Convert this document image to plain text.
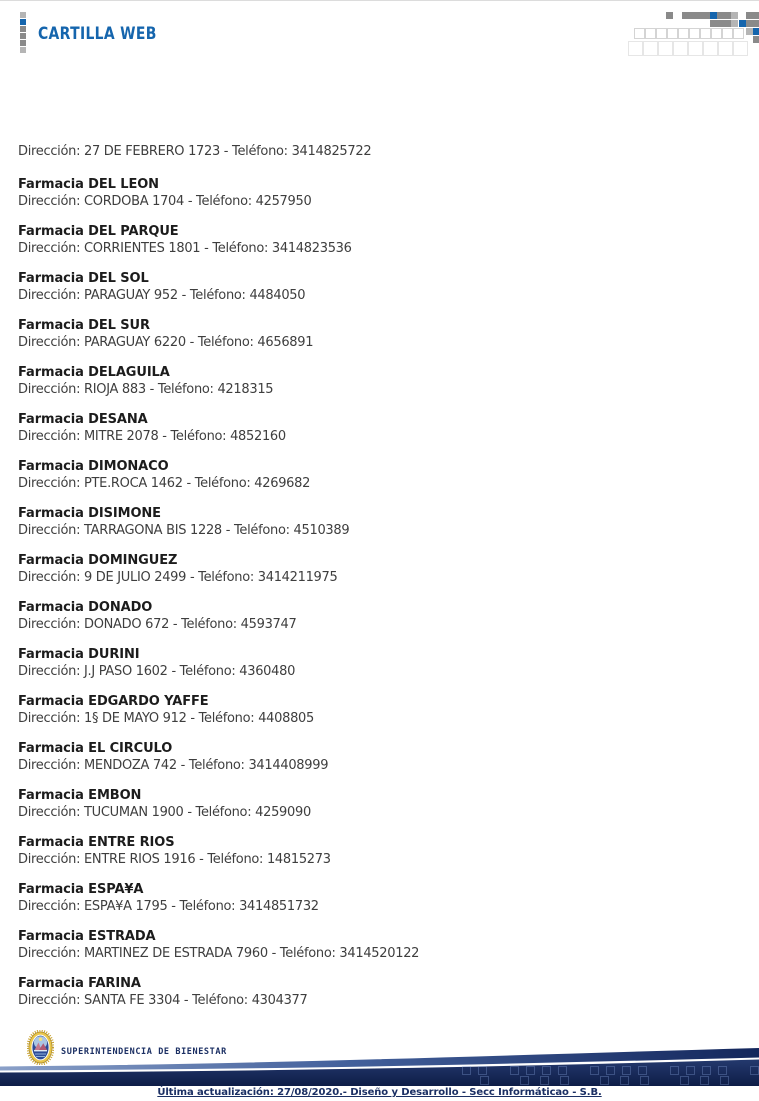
CARTILLA WEB
Dirección: 27 DE FEBRERO 1723 - Teléfono: 3414825722
Farmacia DEL LEON
Dirección: CORDOBA 1704 - Teléfono: 4257950
Farmacia DEL PARQUE
Dirección: CORRIENTES 1801 - Teléfono: 3414823536
Farmacia DEL SOL
Dirección: PARAGUAY 952 - Teléfono: 4484050
Farmacia DEL SUR
Dirección: PARAGUAY 6220 - Teléfono: 4656891
Farmacia DELAGUILA
Dirección: RIOJA 883 - Teléfono: 4218315
Farmacia DESANA
Dirección: MITRE 2078 - Teléfono: 4852160
Farmacia DIMONACO
Dirección: PTE.ROCA 1462 - Teléfono: 4269682
Farmacia DISIMONE
Dirección: TARRAGONA BIS 1228 - Teléfono: 4510389
Farmacia DOMINGUEZ
Dirección: 9 DE JULIO 2499 - Teléfono: 3414211975
Farmacia DONADO
Dirección: DONADO 672 - Teléfono: 4593747
Farmacia DURINI
Dirección: J.J PASO 1602 - Teléfono: 4360480
Farmacia EDGARDO YAFFE
Dirección: 1§ DE MAYO 912 - Teléfono: 4408805
Farmacia EL CIRCULO
Dirección: MENDOZA 742 - Teléfono: 3414408999
Farmacia EMBON
Dirección: TUCUMAN 1900 - Teléfono: 4259090
Farmacia ENTRE RIOS
Dirección: ENTRE RIOS 1916 - Teléfono: 14815273
Farmacia ESPA¥A
Dirección: ESPA¥A 1795 - Teléfono: 3414851732
Farmacia ESTRADA
Dirección: MARTINEZ DE ESTRADA 7960 - Teléfono: 3414520122
Farmacia FARINA
Dirección: SANTA FE 3304 - Teléfono: 4304377
SUPERINTENDENCIA DE BIENESTAR
Última actualización: 27/08/2020.- Diseño y Desarrollo - Secc Informáticao - S.B.
